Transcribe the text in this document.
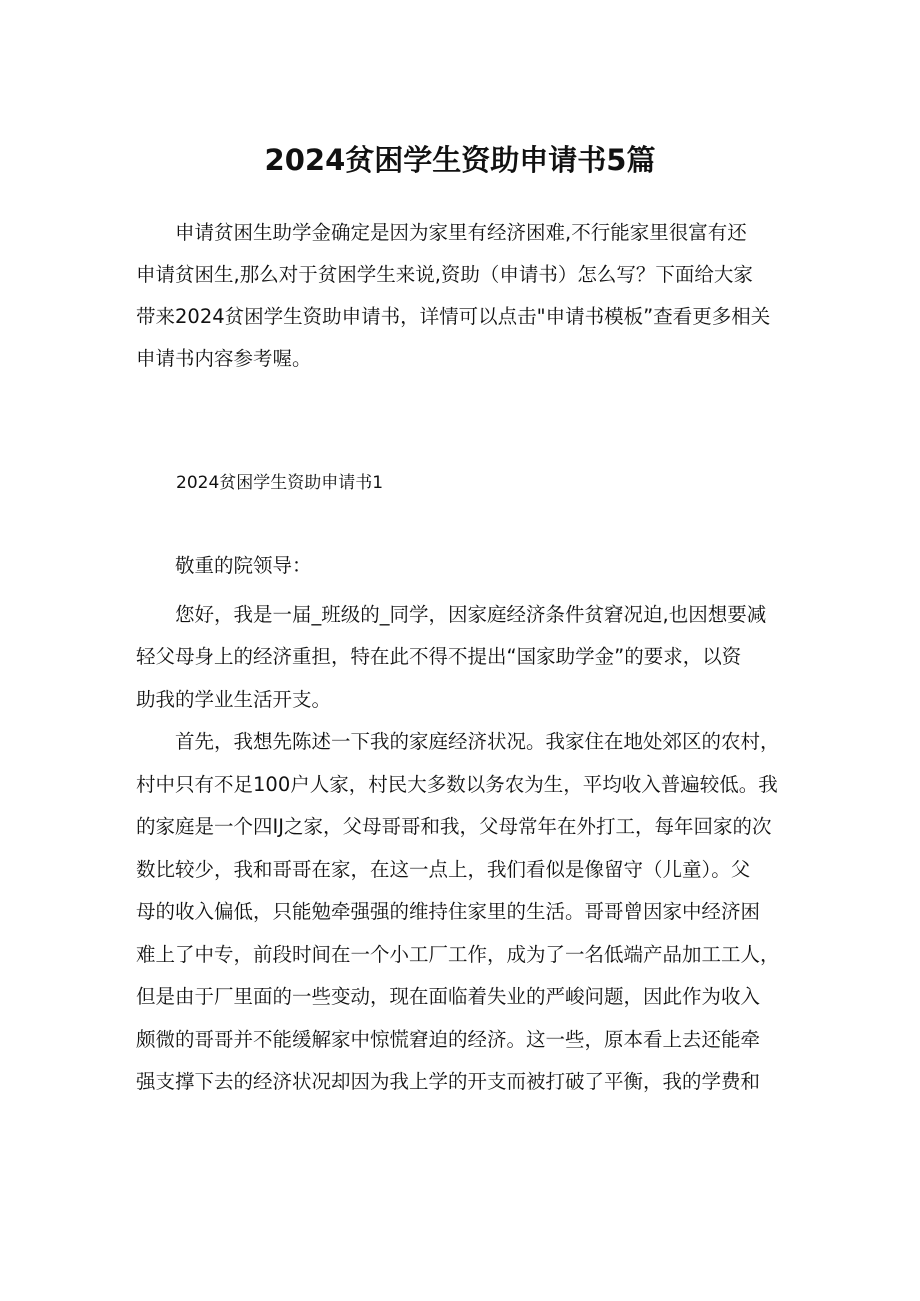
2024贫困学生资助申请书5篇
申请贫困生助学金确定是因为家里有经济困难,不行能家里很富有还
申请贫困生,那么对于贫困学生来说,资助（申请书）怎么写？下面给大家
带来2024贫困学生资助申请书，详情可以点击"申请书模板”查看更多相关
申请书内容参考喔。
2024贫困学生资助申请书1
敬重的院领导：
您好，我是一届_班级的_同学，因家庭经济条件贫窘况迫,也因想要减
轻父母身上的经济重担，特在此不得不提出“国家助学金”的要求，以资
助我的学业生活开支。
首先，我想先陈述一下我的家庭经济状况。我家住在地处郊区的农村，
村中只有不足100户人家，村民大多数以务农为生，平均收入普遍较低。我
的家庭是一个四IJ之家，父母哥哥和我，父母常年在外打工，每年回家的次
数比较少，我和哥哥在家，在这一点上，我们看似是像留守（儿童）。父
母的收入偏低，只能勉牵强强的维持住家里的生活。哥哥曾因家中经济困
难上了中专，前段时间在一个小工厂工作，成为了一名低端产品加工工人，
但是由于厂里面的一些变动，现在面临着失业的严峻问题，因此作为收入
颇微的哥哥并不能缓解家中惊慌窘迫的经济。这一些，原本看上去还能牵
强支撑下去的经济状况却因为我上学的开支而被打破了平衡，我的学费和
